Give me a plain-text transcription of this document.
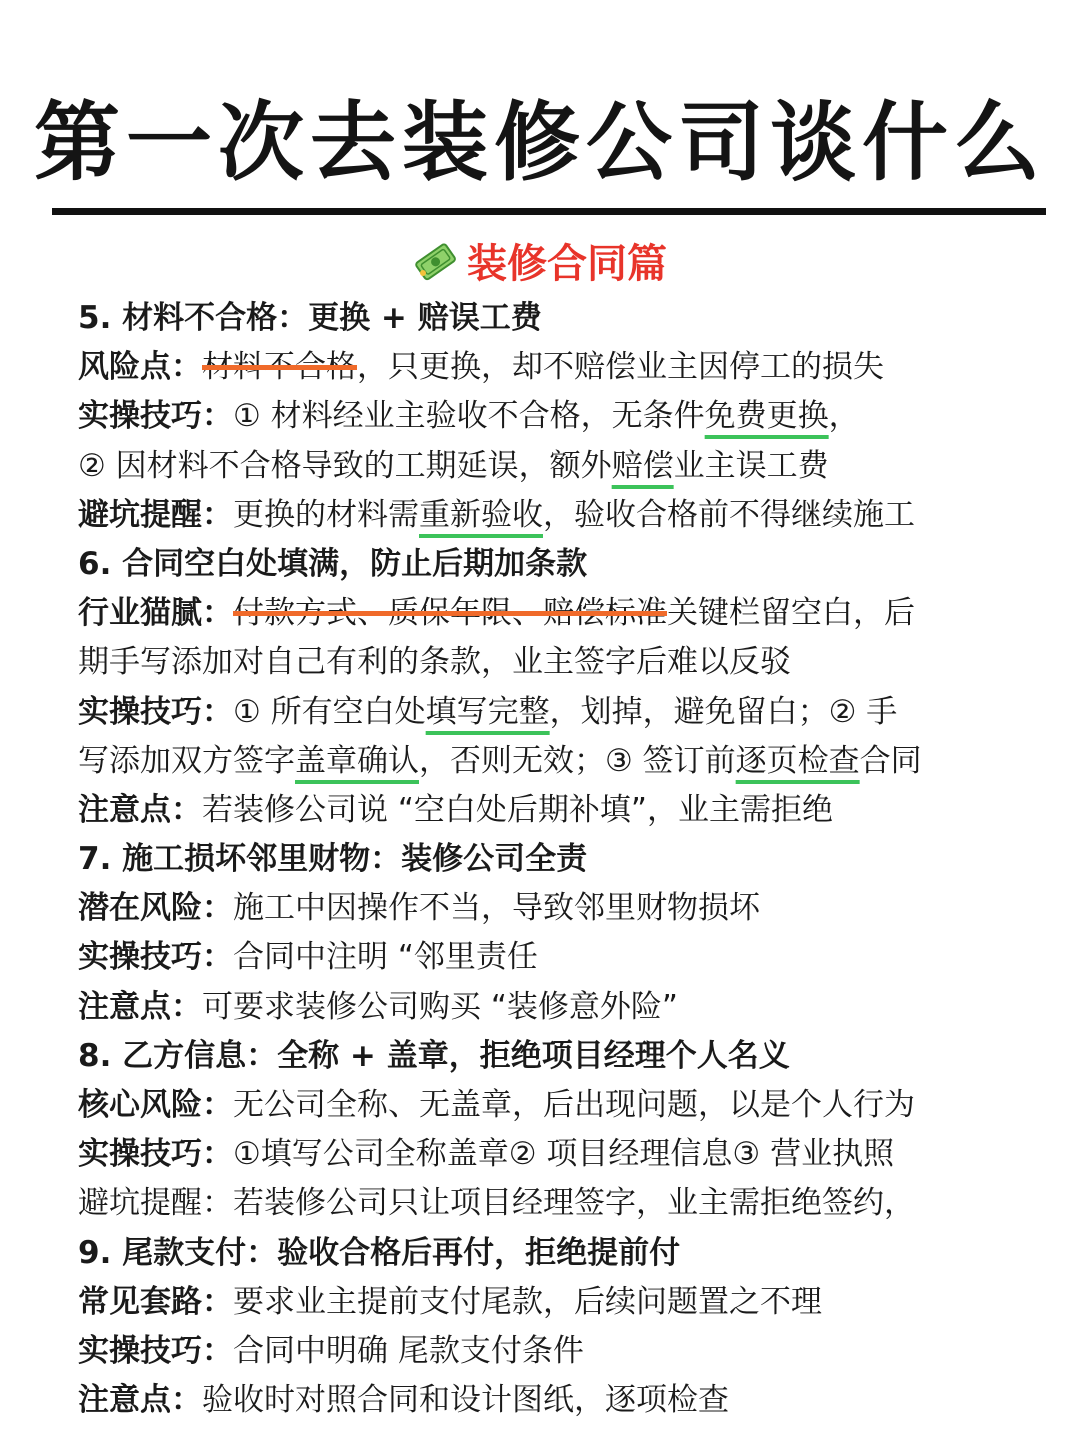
第一次去装修公司谈什么
装修合同篇
5. 材料不合格：更换 + 赔误工费
风险点：材料不合格，只更换，却不赔偿业主因停工的损失
实操技巧：① 材料经业主验收不合格，无条件免费更换，
② 因材料不合格导致的工期延误，额外赔偿业主误工费
避坑提醒：更换的材料需重新验收，验收合格前不得继续施工
6. 合同空白处填满，防止后期加条款
行业猫腻：付款方式、质保年限、赔偿标准关键栏留空白，后
期手写添加对自己有利的条款，业主签字后难以反驳
实操技巧：① 所有空白处填写完整，划掉，避免留白；② 手
写添加双方签字盖章确认，否则无效；③ 签订前逐页检查合同
注意点：若装修公司说 “空白处后期补填”，业主需拒绝
7. 施工损坏邻里财物：装修公司全责
潜在风险：施工中因操作不当，导致邻里财物损坏
实操技巧：合同中注明 “邻里责任
注意点：可要求装修公司购买 “装修意外险”
8. 乙方信息：全称 + 盖章，拒绝项目经理个人名义
核心风险：无公司全称、无盖章，后出现问题，以是个人行为
实操技巧：①填写公司全称盖章② 项目经理信息③ 营业执照
避坑提醒：若装修公司只让项目经理签字，业主需拒绝签约，
9. 尾款支付：验收合格后再付，拒绝提前付
常见套路：要求业主提前支付尾款，后续问题置之不理
实操技巧：合同中明确 尾款支付条件
注意点：验收时对照合同和设计图纸，逐项检查
